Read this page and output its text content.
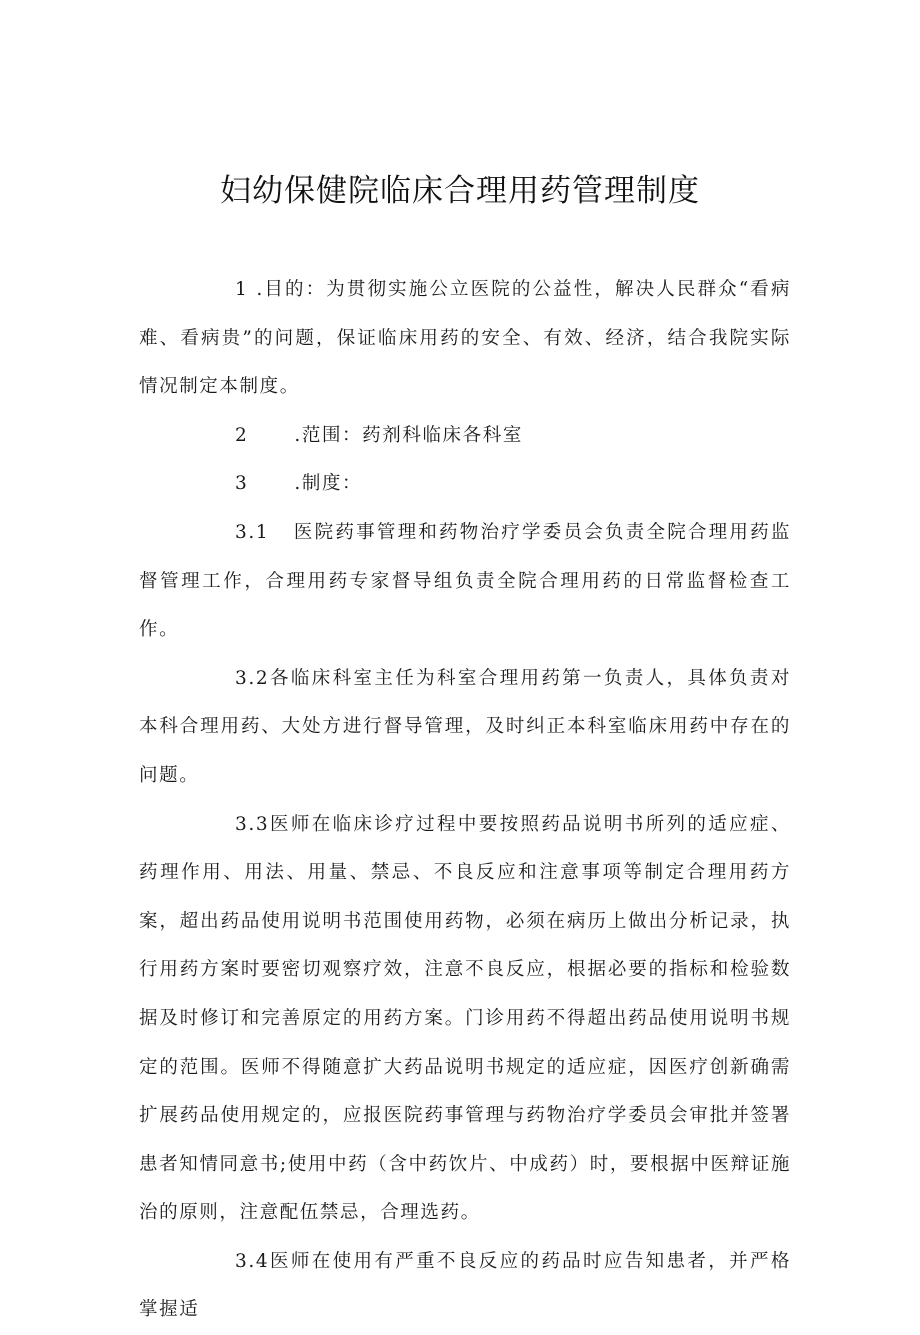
妇幼保健院临床合理用药管理制度

1 .目的：为贯彻实施公立医院的公益性，解决人民群众“看病难、看病贵”的问题，保证临床用药的安全、有效、经济，结合我院实际情况制定本制度。

2 .范围：药剂科临床各科室

3 .制度：

3.1 医院药事管理和药物治疗学委员会负责全院合理用药监督管理工作，合理用药专家督导组负责全院合理用药的日常监督检查工作。

3.2各临床科室主任为科室合理用药第一负责人，具体负责对本科合理用药、大处方进行督导管理，及时纠正本科室临床用药中存在的问题。

3.3医师在临床诊疗过程中要按照药品说明书所列的适应症、药理作用、用法、用量、禁忌、不良反应和注意事项等制定合理用药方案，超出药品使用说明书范围使用药物，必须在病历上做出分析记录，执行用药方案时要密切观察疗效，注意不良反应，根据必要的指标和检验数据及时修订和完善原定的用药方案。门诊用药不得超出药品使用说明书规定的范围。医师不得随意扩大药品说明书规定的适应症，因医疗创新确需扩展药品使用规定的，应报医院药事管理与药物治疗学委员会审批并签署患者知情同意书;使用中药（含中药饮片、中成药）时，要根据中医辩证施治的原则，注意配伍禁忌，合理选药。

3.4医师在使用有严重不良反应的药品时应告知患者，并严格掌握适
